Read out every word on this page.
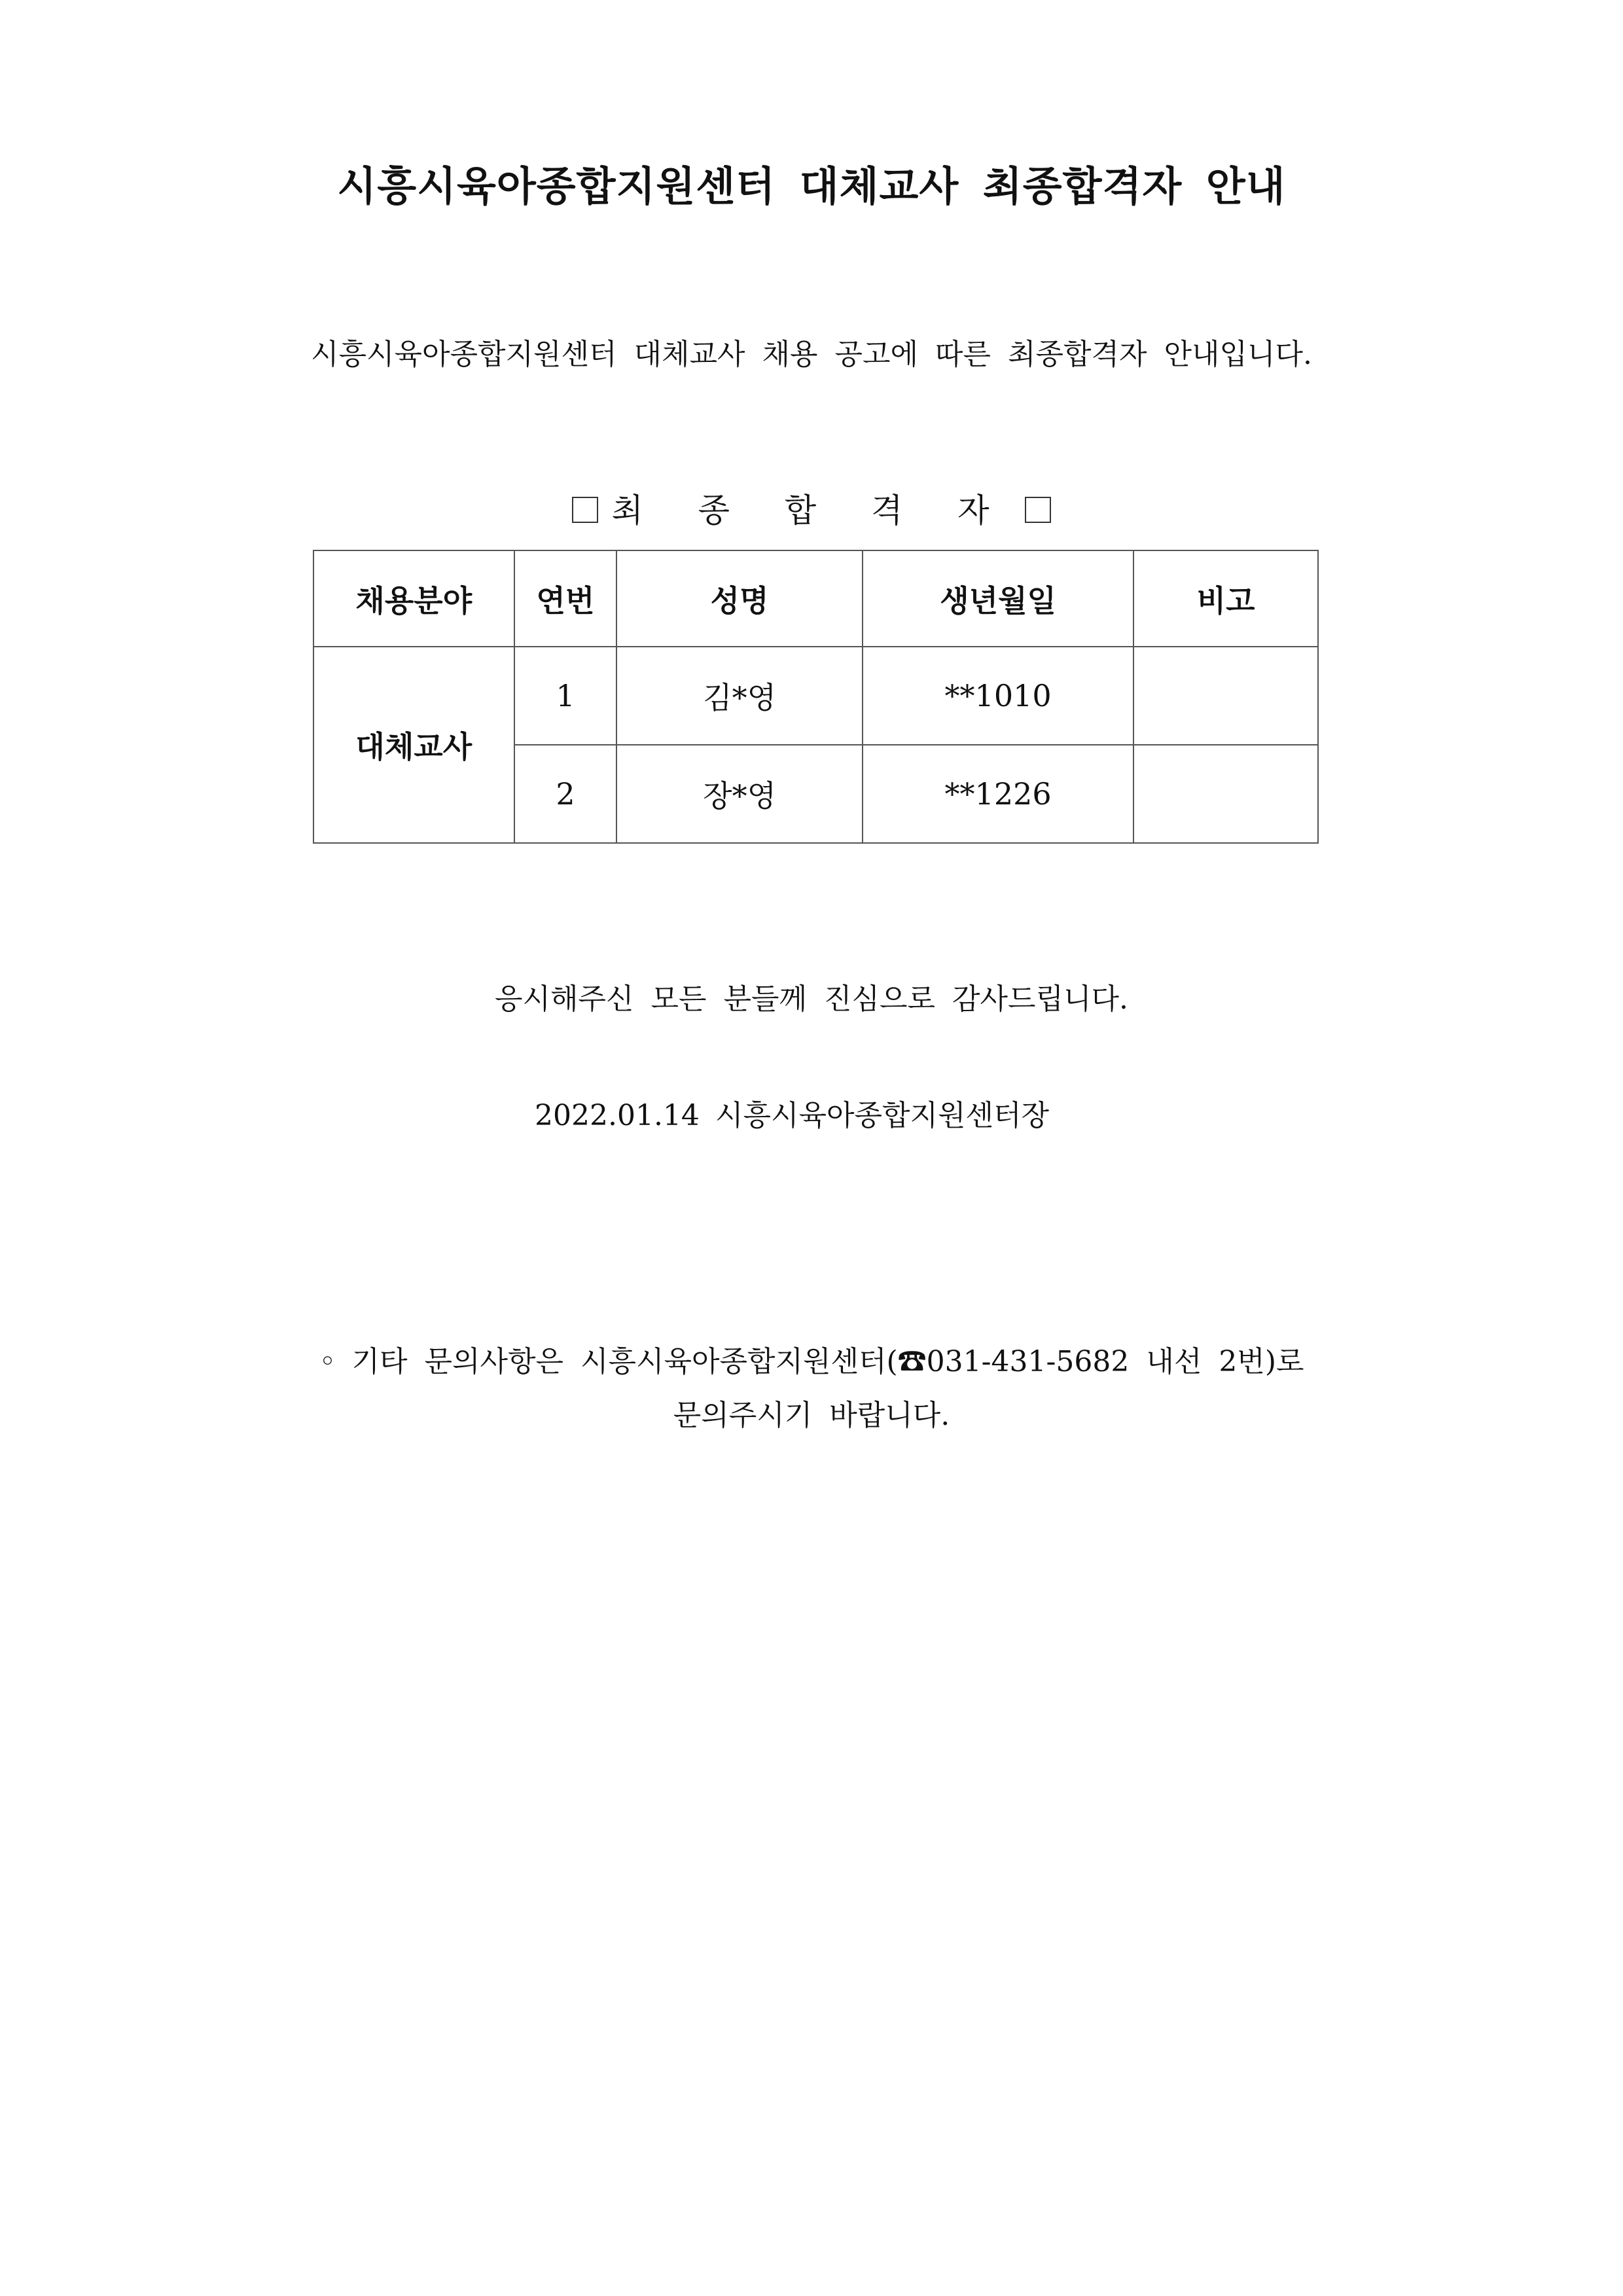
시흥시육아종합지원센터 대체교사 최종합격자 안내
시흥시육아종합지원센터 대체교사 채용 공고에 따른 최종합격자 안내입니다.
최 종 합 격 자
채용분야	연번	성명	생년월일	비고
대체교사	1	김*영	**1010	
	2	장*영	**1226	
응시해주신 모든 분들께 진심으로 감사드립니다.
2022.01.14 시흥시육아종합지원센터장
◦ 기타 문의사항은 시흥시육아종합지원센터(☎031-431-5682 내선 2번)로
문의주시기 바랍니다.
